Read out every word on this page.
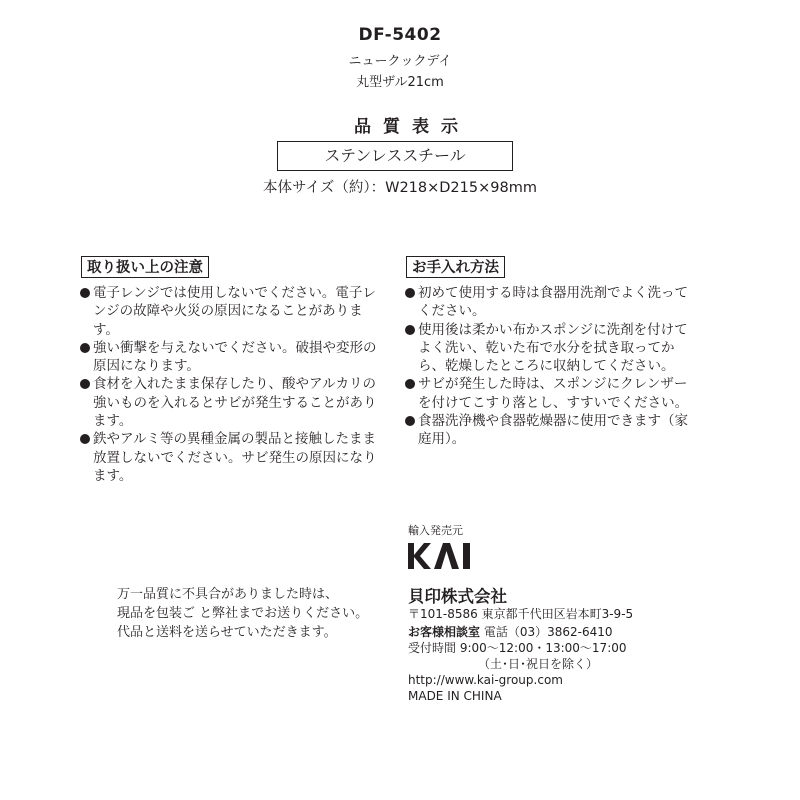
DF-5402
ニュークックデイ
丸型ザル21cm
品質表示
ステンレススチール
本体サイズ（約）：W218×D215×98mm
取り扱い上の注意
電子レンジでは使用しないでください。電子レンジの故障や火災の原因になることがあります。
強い衝撃を与えないでください。破損や変形の原因になります。
食材を入れたまま保存したり、酸やアルカリの強いものを入れるとサビが発生することがあります。
鉄やアルミ等の異種金属の製品と接触したまま放置しないでください。サビ発生の原因になります。
お手入れ方法
初めて使用する時は食器用洗剤でよく洗ってください。
使用後は柔かい布かスポンジに洗剤を付けてよく洗い、乾いた布で水分を拭き取ってから、乾燥したところに収納してください。
サビが発生した時は、スポンジにクレンザーを付けてこすり落とし、すすいでください。
食器洗浄機や食器乾燥器に使用できます（家庭用）。
万一品質に不具合がありました時は、
現品を包装ご と弊社までお送りください。
代品と送料を送らせていただきます。
輸入発売元
貝印株式会社
〒101-8586 東京都千代田区岩本町3-9-5
お客様相談室 電話（03）3862-6410
受付時間 9:00～12:00・13:00～17:00
（土･日･祝日を除く）
http://www.kai-group.com
MADE IN CHINA
